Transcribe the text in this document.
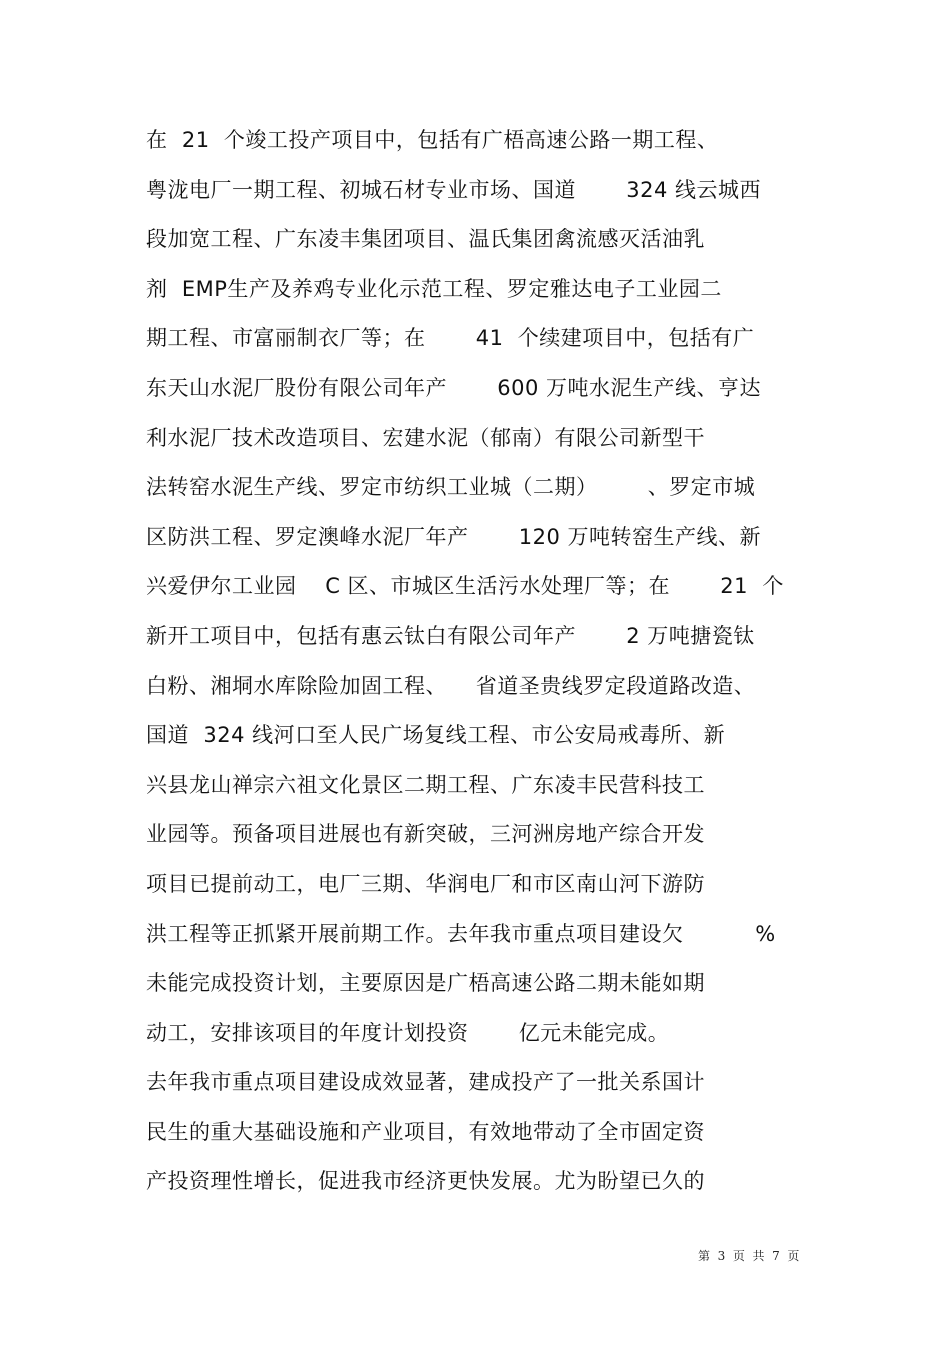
在  21  个竣工投产项目中，包括有广梧高速公路一期工程、
粤泷电厂一期工程、初城石材专业市场、国道       324 线云城西
段加宽工程、广东凌丰集团项目、温氏集团禽流感灭活油乳
剂  EMP生产及养鸡专业化示范工程、罗定雅达电子工业园二
期工程、市富丽制衣厂等；在       41  个续建项目中，包括有广
东天山水泥厂股份有限公司年产       600 万吨水泥生产线、亨达
利水泥厂技术改造项目、宏建水泥（郁南）有限公司新型干
法转窑水泥生产线、罗定市纺织工业城（二期）       、罗定市城
区防洪工程、罗定澳峰水泥厂年产       120 万吨转窑生产线、新
兴爱伊尔工业园    C 区、市城区生活污水处理厂等；在       21  个
新开工项目中，包括有惠云钛白有限公司年产       2 万吨搪瓷钛
白粉、湘垌水库除险加固工程、    省道圣贵线罗定段道路改造、
国道  324 线河口至人民广场复线工程、市公安局戒毒所、新
兴县龙山禅宗六祖文化景区二期工程、广东凌丰民营科技工
业园等。预备项目进展也有新突破，三河洲房地产综合开发
项目已提前动工，电厂三期、华润电厂和市区南山河下游防
洪工程等正抓紧开展前期工作。去年我市重点项目建设欠          %
未能完成投资计划，主要原因是广梧高速公路二期未能如期
动工，安排该项目的年度计划投资       亿元未能完成。
去年我市重点项目建设成效显著，建成投产了一批关系国计
民生的重大基础设施和产业项目，有效地带动了全市固定资
产投资理性增长，促进我市经济更快发展。尤为盼望已久的
第  3  页  共  7  页
